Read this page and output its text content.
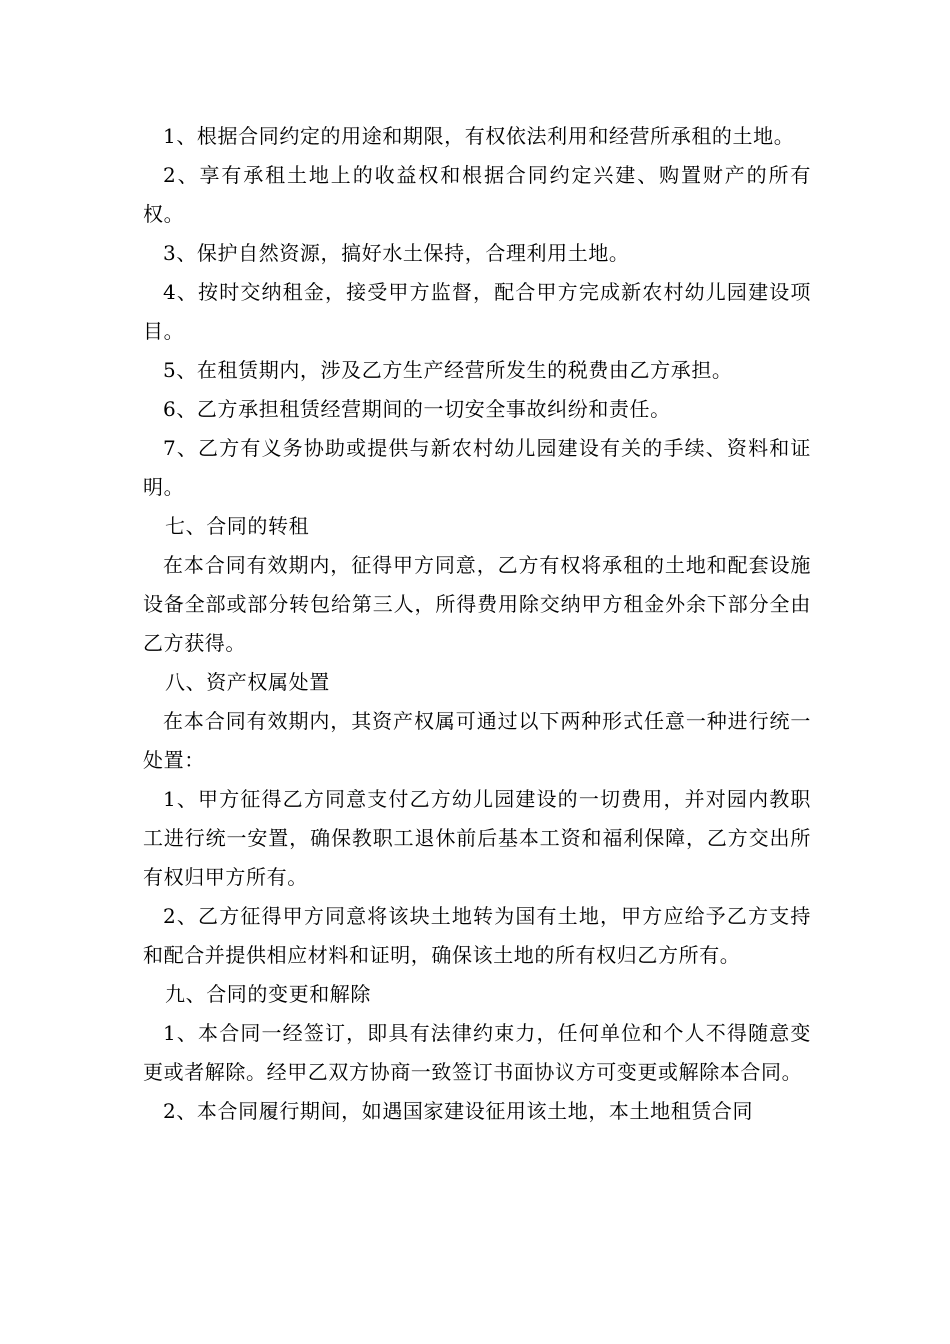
1、根据合同约定的用途和期限，有权依法利用和经营所承租的土地。

2、享有承租土地上的收益权和根据合同约定兴建、购置财产的所有权。

3、保护自然资源，搞好水土保持，合理利用土地。

4、按时交纳租金，接受甲方监督，配合甲方完成新农村幼儿园建设项目。

5、在租赁期内，涉及乙方生产经营所发生的税费由乙方承担。

6、乙方承担租赁经营期间的一切安全事故纠纷和责任。

7、乙方有义务协助或提供与新农村幼儿园建设有关的手续、资料和证明。

七、合同的转租

在本合同有效期内，征得甲方同意，乙方有权将承租的土地和配套设施设备全部或部分转包给第三人，所得费用除交纳甲方租金外余下部分全由乙方获得。

八、资产权属处置

在本合同有效期内，其资产权属可通过以下两种形式任意一种进行统一处置：

1、甲方征得乙方同意支付乙方幼儿园建设的一切费用，并对园内教职工进行统一安置，确保教职工退休前后基本工资和福利保障，乙方交出所有权归甲方所有。

2、乙方征得甲方同意将该块土地转为国有土地，甲方应给予乙方支持和配合并提供相应材料和证明，确保该土地的所有权归乙方所有。

九、合同的变更和解除

1、本合同一经签订，即具有法律约束力，任何单位和个人不得随意变更或者解除。经甲乙双方协商一致签订书面协议方可变更或解除本合同。

2、本合同履行期间，如遇国家建设征用该土地，本土地租赁合同
